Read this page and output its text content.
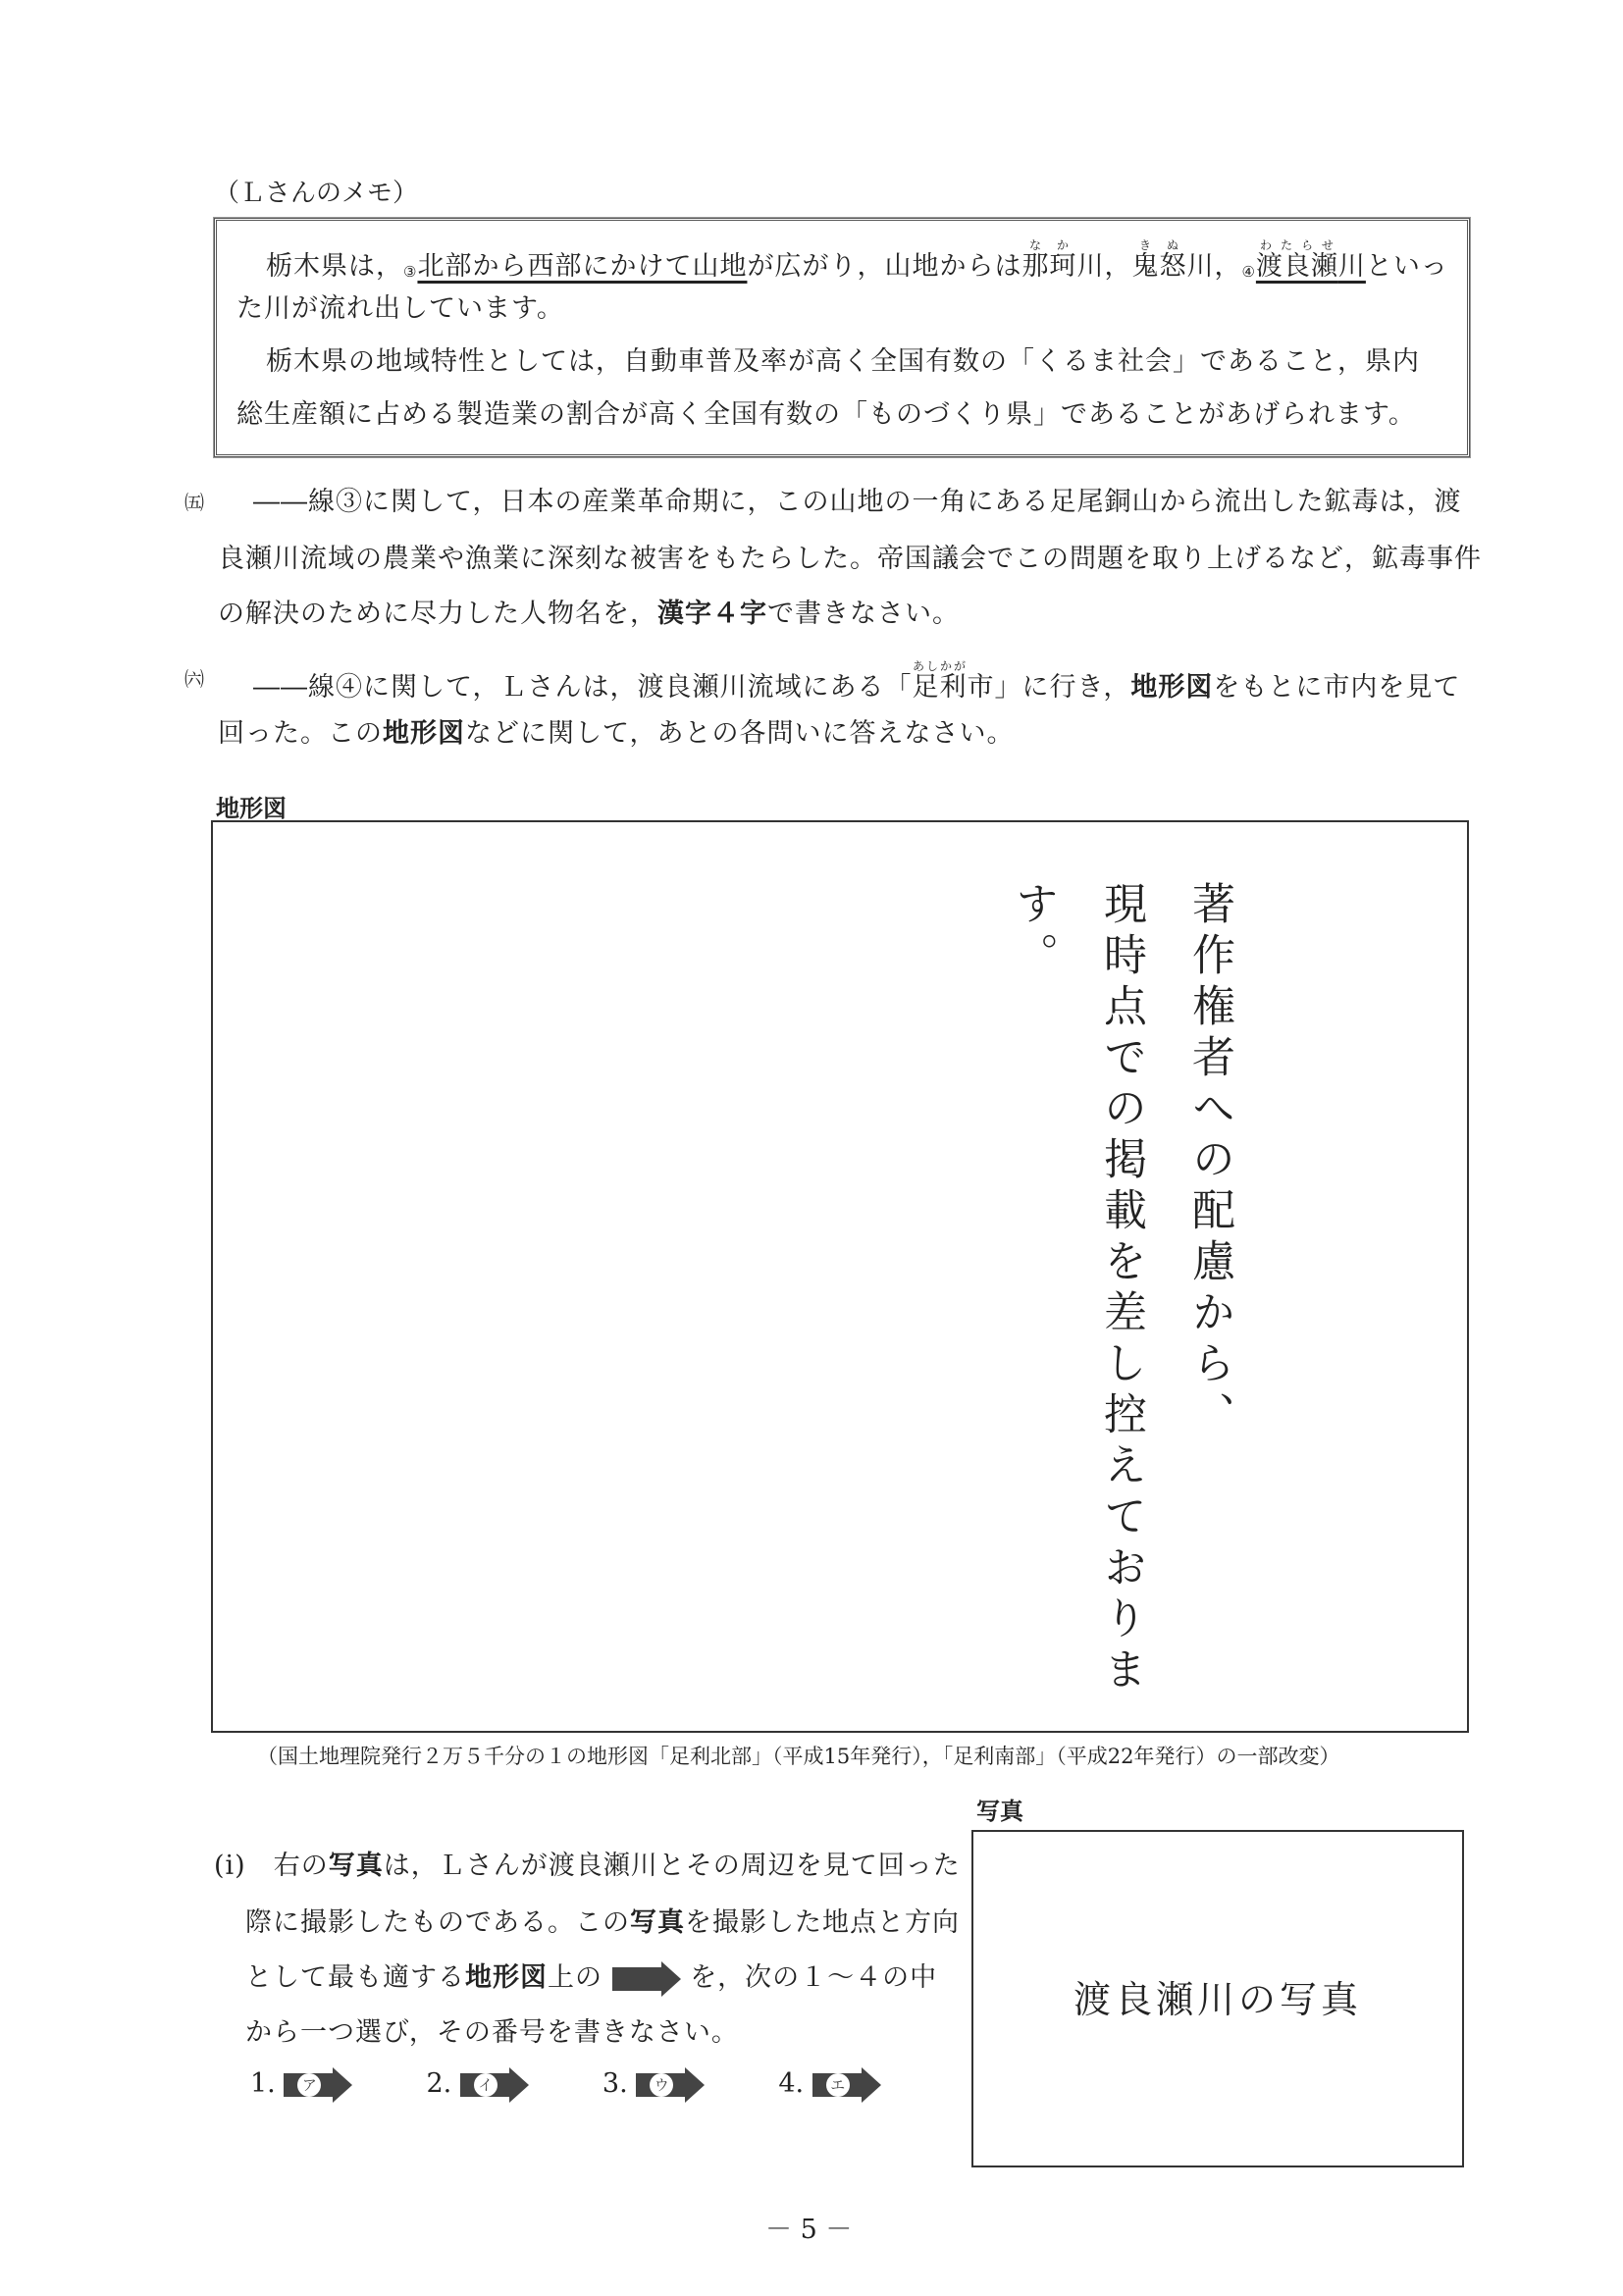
（Ｌさんのメモ）
栃木県は，③北部から西部にかけて山地が広がり，山地からは那珂なか川，鬼怒きぬ川，④渡良瀬わたらせ川といっ
た川が流れ出しています。
栃木県の地域特性としては，自動車普及率が高く全国有数の「くるま社会」であること，県内
総生産額に占める製造業の割合が高く全国有数の「ものづくり県」であることがあげられます。
㈤ ――線③に関して，日本の産業革命期に，この山地の一角にある足尾銅山から流出した鉱毒は，渡
良瀬川流域の農業や漁業に深刻な被害をもたらした。帝国議会でこの問題を取り上げるなど，鉱毒事件
の解決のために尽力した人物名を，漢字４字で書きなさい。
㈥ ――線④に関して，Ｌさんは，渡良瀬川流域にある「足利あしかが市」に行き，地形図をもとに市内を見て
回った。この地形図などに関して，あとの各問いに答えなさい。
地形図
著作権者への配慮から、
現時点での掲載を差し控えております。
（国土地理院発行２万５千分の１の地形図「足利北部」（平成15年発行），「足利南部」（平成22年発行）の一部改変）
写真
渡良瀬川の写真
(i)　 右の写真は，Ｌさんが渡良瀬川とその周辺を見て回った
際に撮影したものである。この写真を撮影した地点と方向
として最も適する地形図上の	を，次の１～４の中
から一つ選び，その番号を書きなさい。
1. ア	2. イ	3. ウ	4. エ
－ 5 －
